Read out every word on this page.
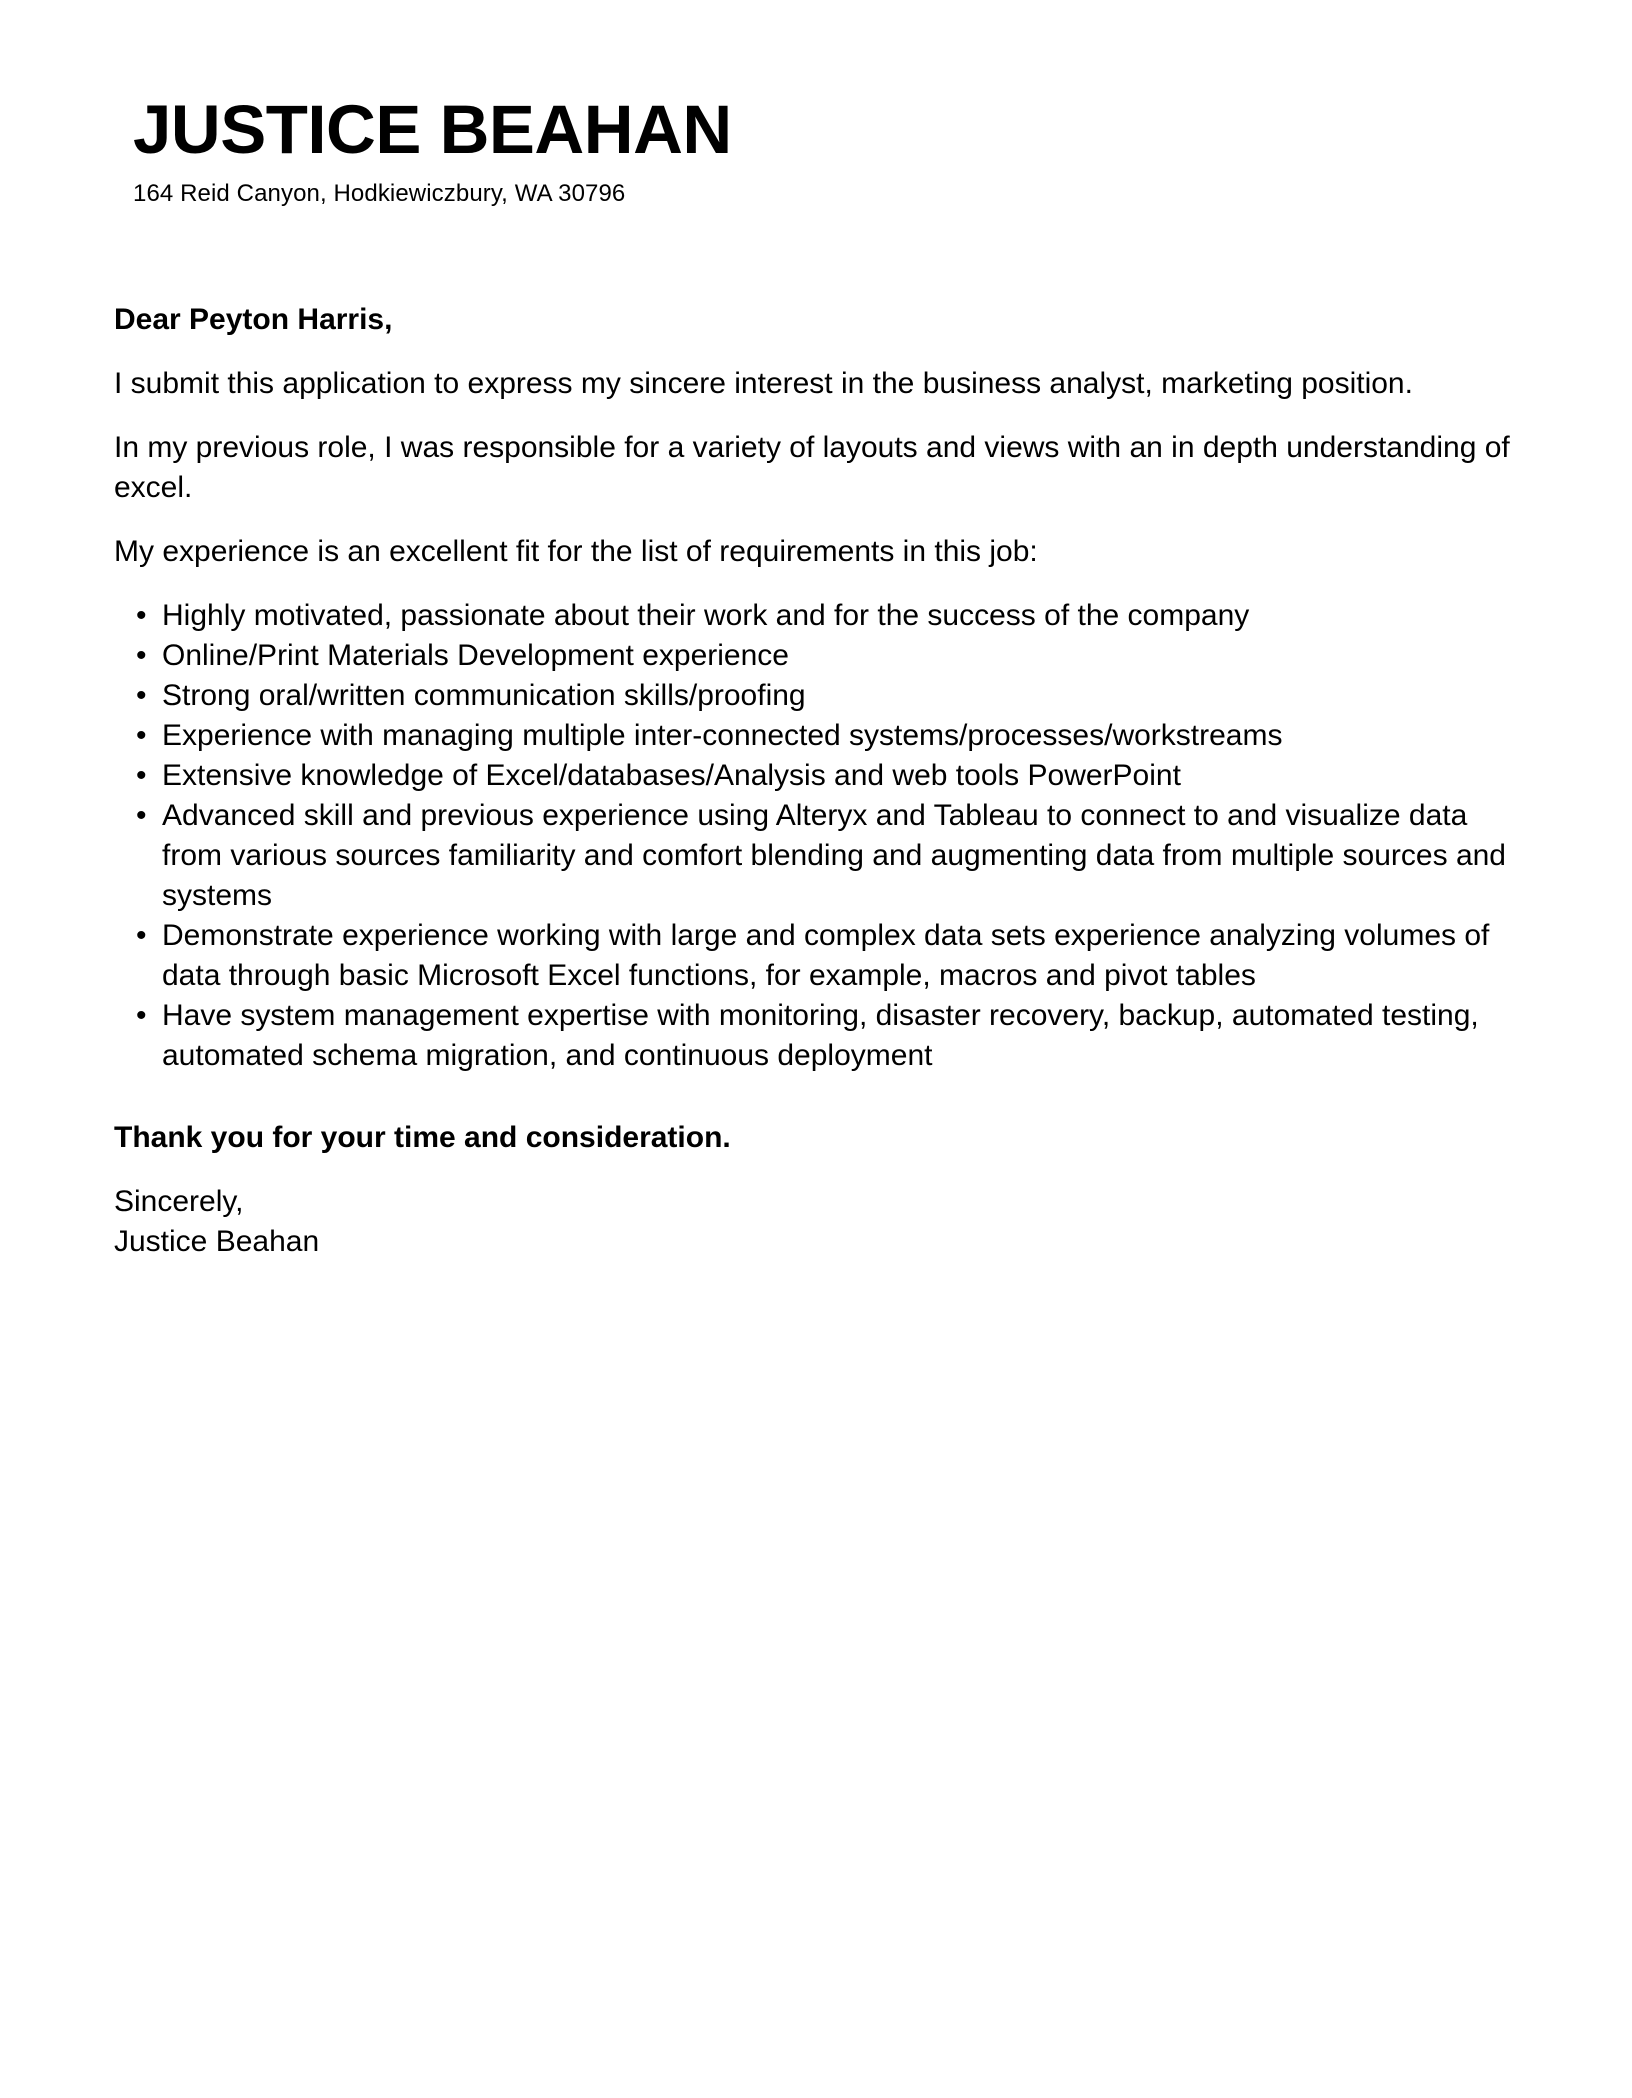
JUSTICE BEAHAN
164 Reid Canyon, Hodkiewiczbury, WA 30796

Dear Peyton Harris,

I submit this application to express my sincere interest in the business analyst, marketing position.

In my previous role, I was responsible for a variety of layouts and views with an in depth understanding of excel.

My experience is an excellent fit for the list of requirements in this job:

• Highly motivated, passionate about their work and for the success of the company
• Online/Print Materials Development experience
• Strong oral/written communication skills/proofing
• Experience with managing multiple inter-connected systems/processes/workstreams
• Extensive knowledge of Excel/databases/Analysis and web tools PowerPoint
• Advanced skill and previous experience using Alteryx and Tableau to connect to and visualize data from various sources familiarity and comfort blending and augmenting data from multiple sources and systems
• Demonstrate experience working with large and complex data sets experience analyzing volumes of data through basic Microsoft Excel functions, for example, macros and pivot tables
• Have system management expertise with monitoring, disaster recovery, backup, automated testing, automated schema migration, and continuous deployment

Thank you for your time and consideration.

Sincerely,

Justice Beahan
